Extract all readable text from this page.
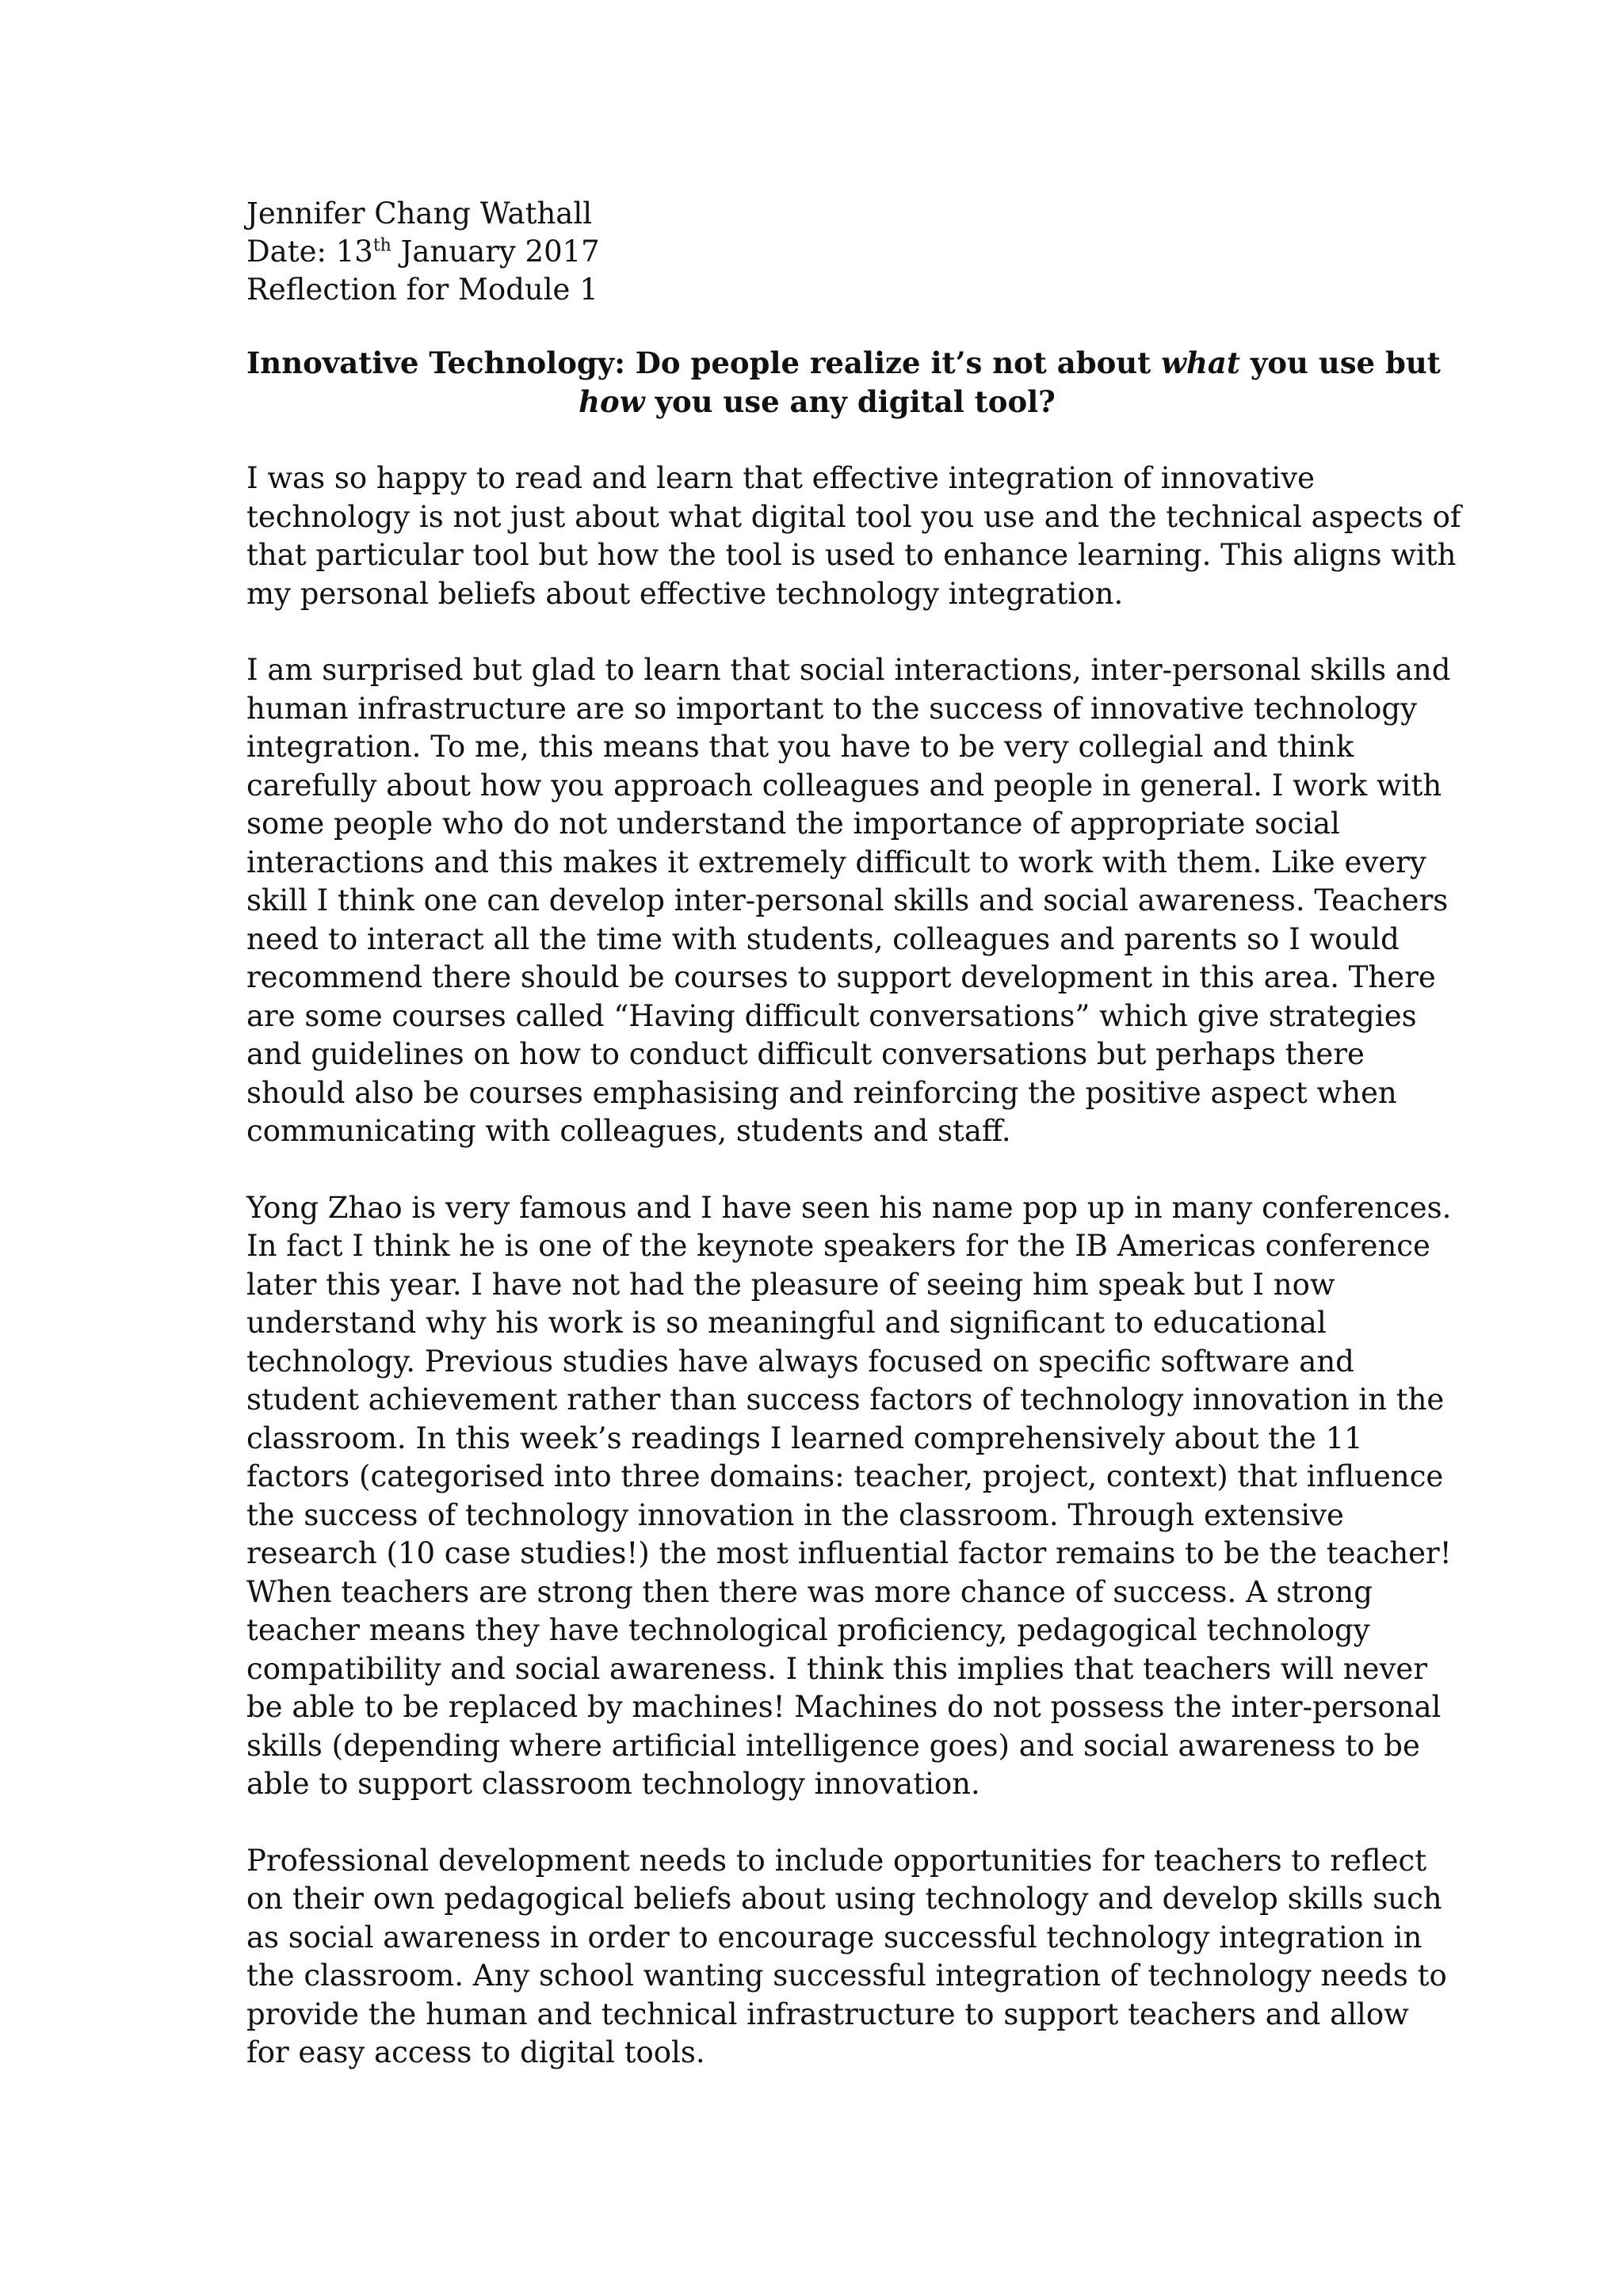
Jennifer Chang Wathall

Date: 13th January 2017

Reflection for Module 1

Innovative Technology: Do people realize it’s not about what you use but
how you use any digital tool?

I was so happy to read and learn that effective integration of innovative
technology is not just about what digital tool you use and the technical aspects of
that particular tool but how the tool is used to enhance learning. This aligns with
my personal beliefs about effective technology integration.

I am surprised but glad to learn that social interactions, inter-personal skills and
human infrastructure are so important to the success of innovative technology
integration. To me, this means that you have to be very collegial and think
carefully about how you approach colleagues and people in general. I work with
some people who do not understand the importance of appropriate social
interactions and this makes it extremely difficult to work with them. Like every
skill I think one can develop inter-personal skills and social awareness. Teachers
need to interact all the time with students, colleagues and parents so I would
recommend there should be courses to support development in this area. There
are some courses called “Having difficult conversations” which give strategies
and guidelines on how to conduct difficult conversations but perhaps there
should also be courses emphasising and reinforcing the positive aspect when
communicating with colleagues, students and staff.

Yong Zhao is very famous and I have seen his name pop up in many conferences.
In fact I think he is one of the keynote speakers for the IB Americas conference
later this year. I have not had the pleasure of seeing him speak but I now
understand why his work is so meaningful and significant to educational
technology. Previous studies have always focused on specific software and
student achievement rather than success factors of technology innovation in the
classroom. In this week’s readings I learned comprehensively about the 11
factors (categorised into three domains: teacher, project, context) that influence
the success of technology innovation in the classroom. Through extensive
research (10 case studies!) the most influential factor remains to be the teacher!
When teachers are strong then there was more chance of success. A strong
teacher means they have technological proficiency, pedagogical technology
compatibility and social awareness. I think this implies that teachers will never
be able to be replaced by machines! Machines do not possess the inter-personal
skills (depending where artificial intelligence goes) and social awareness to be
able to support classroom technology innovation.

Professional development needs to include opportunities for teachers to reflect
on their own pedagogical beliefs about using technology and develop skills such
as social awareness in order to encourage successful technology integration in
the classroom. Any school wanting successful integration of technology needs to
provide the human and technical infrastructure to support teachers and allow
for easy access to digital tools.
